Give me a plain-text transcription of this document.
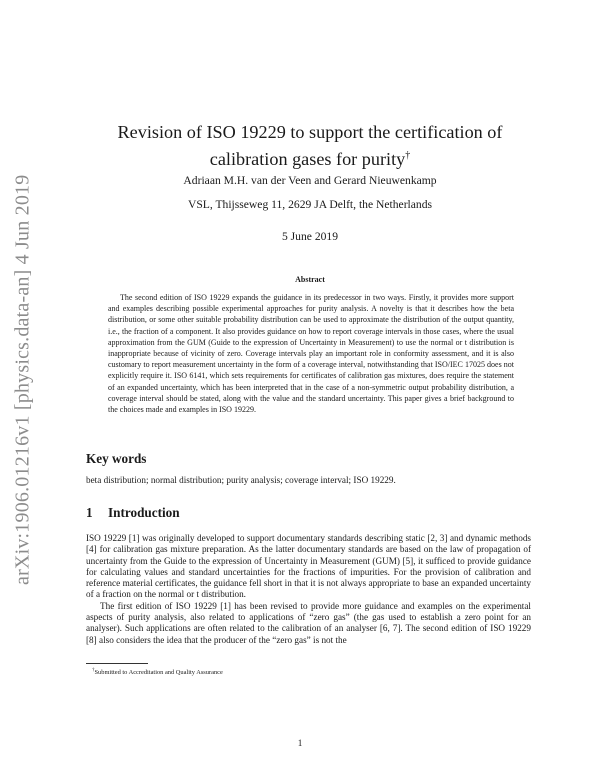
arXiv:1906.01216v1 [physics.data-an] 4 Jun 2019
Revision of ISO 19229 to support the certification of calibration gases for purity†
Adriaan M.H. van der Veen and Gerard Nieuwenkamp
VSL, Thijsseweg 11, 2629 JA Delft, the Netherlands
5 June 2019
Abstract

The second edition of ISO 19229 expands the guidance in its predecessor in two ways. Firstly, it provides more support and examples describing possible experimental approaches for purity analysis. A novelty is that it describes how the beta distribution, or some other suitable probability distribution can be used to approximate the distribution of the output quantity, i.e., the fraction of a component. It also provides guidance on how to report coverage intervals in those cases, where the usual approximation from the GUM (Guide to the expression of Uncertainty in Measurement) to use the normal or t distribution is inappropriate because of vicinity of zero. Coverage intervals play an important role in conformity assessment, and it is also customary to report measurement uncertainty in the form of a coverage interval, notwithstanding that ISO/IEC 17025 does not explicitly require it. ISO 6141, which sets requirements for certificates of calibration gas mixtures, does require the statement of an expanded uncertainty, which has been interpreted that in the case of a non-symmetric output probability distribution, a coverage interval should be stated, along with the value and the standard uncertainty. This paper gives a brief background to the choices made and examples in ISO 19229.

Key words

beta distribution; normal distribution; purity analysis; coverage interval; ISO 19229.

1 Introduction

ISO 19229 [1] was originally developed to support documentary standards describing static [2, 3] and dynamic methods [4] for calibration gas mixture preparation. As the latter documentary standards are based on the law of propagation of uncertainty from the Guide to the expression of Uncertainty in Measurement (GUM) [5], it sufficed to provide guidance for calculating values and standard uncertainties for the fractions of impurities. For the provision of calibration and reference material certificates, the guidance fell short in that it is not always appropriate to base an expanded uncertainty of a fraction on the normal or t distribution.

The first edition of ISO 19229 [1] has been revised to provide more guidance and examples on the experimental aspects of purity analysis, also related to applications of “zero gas” (the gas used to establish a zero point for an analyser). Such applications are often related to the calibration of an analyser [6, 7]. The second edition of ISO 19229 [8] also considers the idea that the producer of the “zero gas” is not the

†Submitted to Accreditation and Quality Assurance
1
